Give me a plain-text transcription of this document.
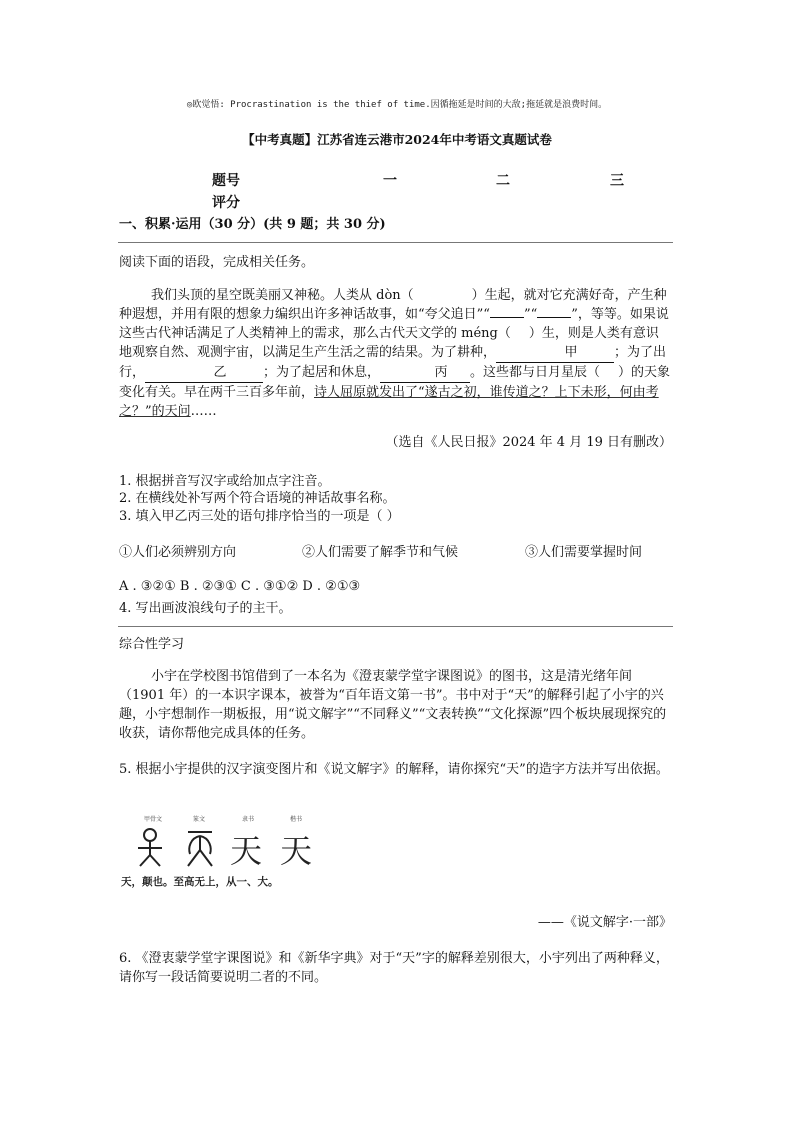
◎欧觉悟: Procrastination is the thief of time.因循拖延是时间的大敌;拖延就是浪费时间。
【中考真题】江苏省连云港市2024年中考语文真题试卷
题号	一	二	三
评分
一、积累·运用（30 分）(共 9 题；共 30 分)
阅读下面的语段，完成相关任务。
我们头顶的星空既美丽又神秘。人类从 dòn（	）生起，就对它充满好奇，产生种种遐想，并用有限的想象力编织出许多神话故事，如“夸父追日”“	”“	”，等等。如果说这些古代神话满足了人类精神上的需求，那么古代天文学的 méng（ ）生，则是人类有意识地观察自然、观测宇宙，以满足生产生活之需的结果。为了耕种，	甲	；为了出行，	乙	；为了起居和休息，	丙 。这些都与日月星辰（ ）的天象变化有关。早在两千三百多年前，诗人屈原就发出了“遂古之初，谁传道之？上下未形，何由考之？”的天问……
（选自《人民日报》2024 年 4 月 19 日有删改）
1. 根据拼音写汉字或给加点字注音。
2. 在横线处补写两个符合语境的神话故事名称。
3. 填入甲乙丙三处的语句排序恰当的一项是（ ）
①人们必须辨别方向	②人们需要了解季节和气候	③人们需要掌握时间
A . ③②① B . ②③① C . ③①② D . ②①③
4. 写出画波浪线句子的主干。
综合性学习
小宇在学校图书馆借到了一本名为《澄衷蒙学堂字课图说》的图书，这是清光绪年间（1901 年）的一本识字课本，被誉为“百年语文第一书”。书中对于“天”的解释引起了小宇的兴趣，小宇想制作一期板报，用“说文解字”“不同释义”“文表转换”“文化探源”四个板块展现探究的收获，请你帮他完成具体的任务。
5. 根据小宇提供的汉字演变图片和《说文解字》的解释，请你探究“天”的造字方法并写出依据。
甲骨文	篆文	隶书	楷书
天 天
天，颠也。至高无上，从一、大。
——《说文解字·一部》
6. 《澄衷蒙学堂字课图说》和《新华字典》对于“天”字的解释差别很大，小宇列出了两种释义，请你写一段话简要说明二者的不同。
